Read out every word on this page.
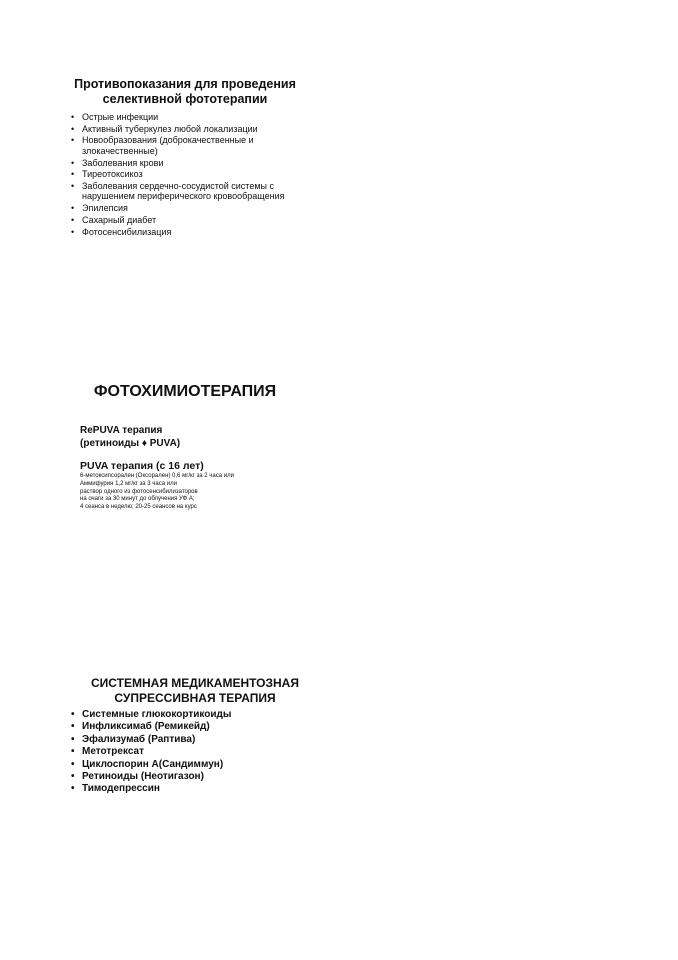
Противопоказания для проведения
селективной фототерапии
• Острые инфекции
• Активный туберкулез любой локализации
• Новообразования (доброкачественные и
злокачественные)
• Заболевания крови
• Тиреотоксикоз
• Заболевания сердечно-сосудистой системы с
нарушением периферического кровообращения
• Эпилепсия
• Сахарный диабет
• Фотосенсибилизация
ФОТОХИМИОТЕРАПИЯ
RePUVA терапия
(ретиноиды ♦ PUVA)
PUVA терапия (с 16 лет)
6-метоксипсорален (Оксорален) 0,6 мг/кг за 2 часа или
Аммифурин 1,2 мг/кг за 3 часа или
раствор одного из фотосенсибилизаторов
на очаги за 30 минут до облучения УФ А;
4 сеанса в неделю; 20-25 сеансов на курс
СИСТЕМНАЯ МЕДИКАМЕНТОЗНАЯ
СУПРЕССИВНАЯ ТЕРАПИЯ
• Системные глюкокортикоиды
• Инфликсимаб (Ремикейд)
• Эфализумаб (Раптива)
• Метотрексат
• Циклоспорин А(Сандиммун)
• Ретиноиды (Неотигазон)
• Тимодепрессин
